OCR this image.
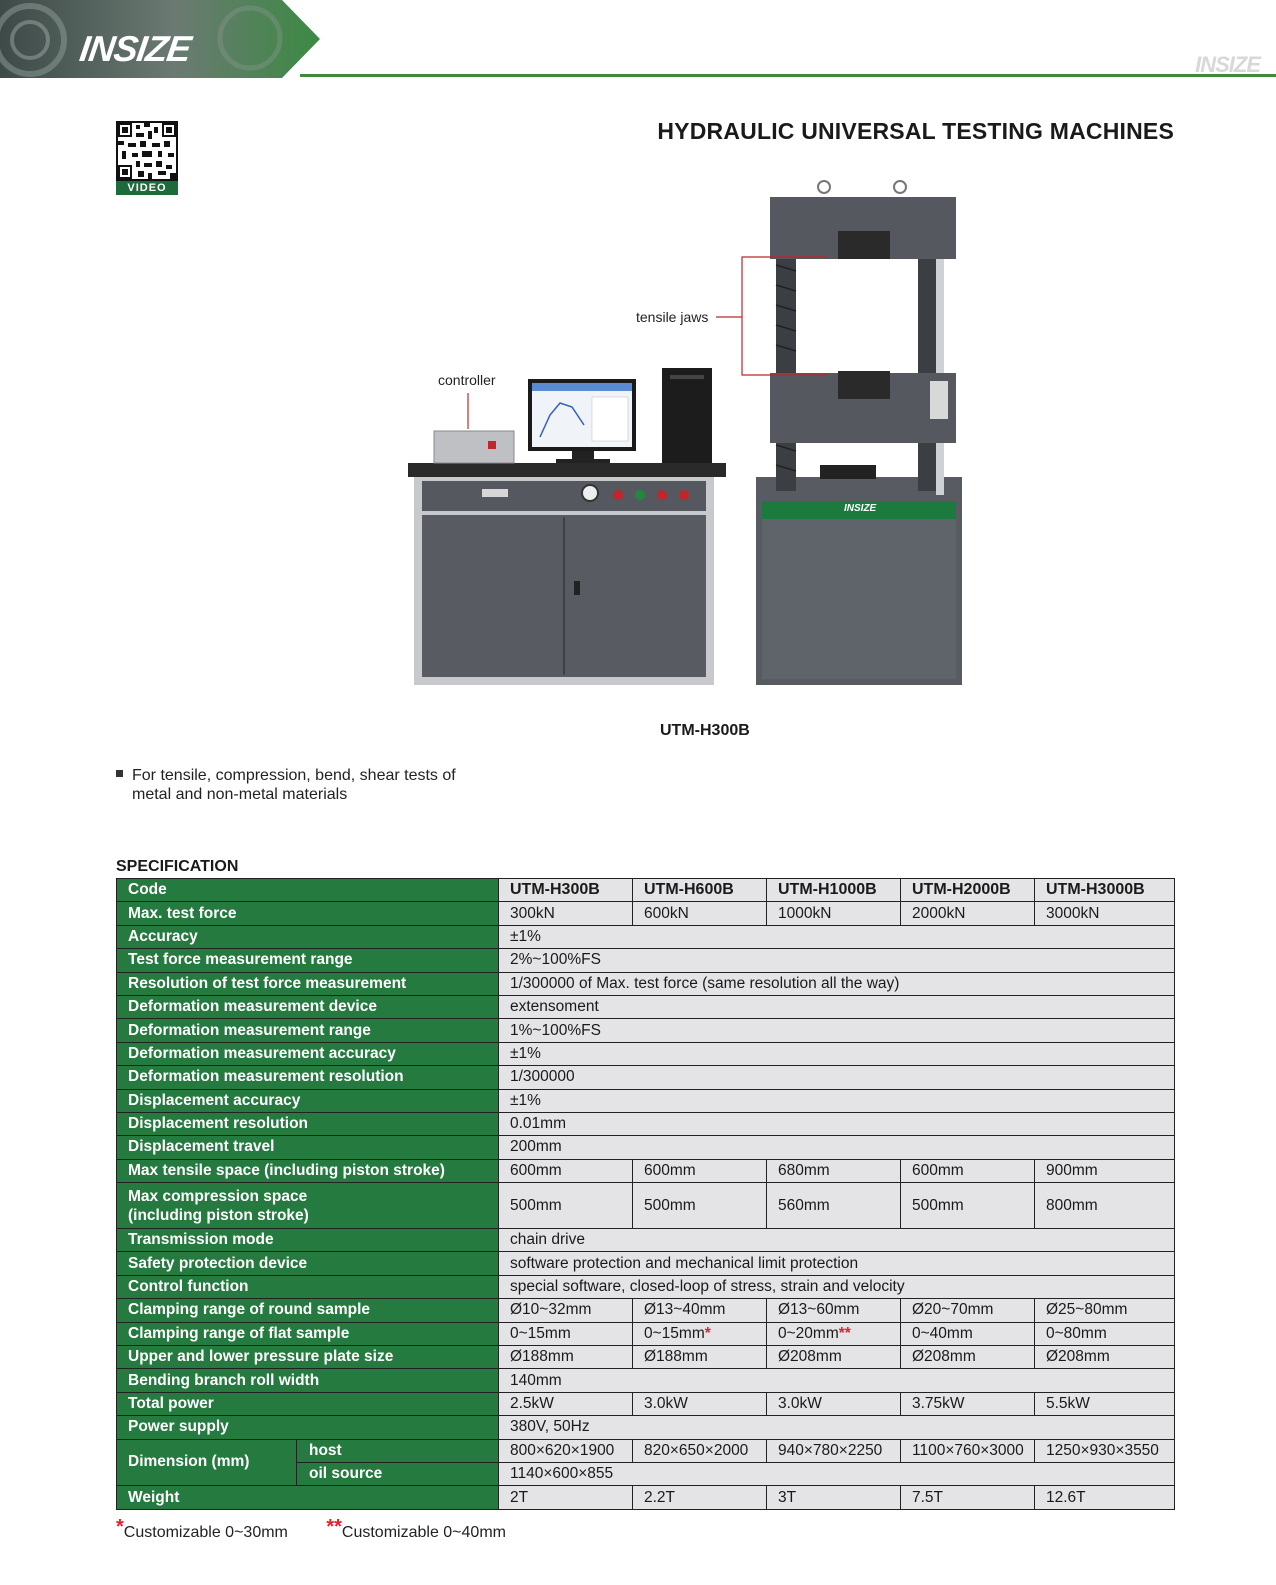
INSIZE	INSIZE
VIDEO
HYDRAULIC UNIVERSAL TESTING MACHINES
tensile jaws
controller
INSIZE
UTM-H300B
For tensile, compression, bend, shear tests of
metal and non-metal materials
SPECIFICATION
Code		UTM-H300B	UTM-H600B	UTM-H1000B	UTM-H2000B	UTM-H3000B
Max. test force		300kN	600kN	1000kN	2000kN	3000kN
Accuracy		±1%				
Test force measurement range		2%~100%FS				
Resolution of test force measurement		1/300000 of Max. test force (same resolution all the way)				
Deformation measurement device		extensoment				
Deformation measurement range		1%~100%FS				
Deformation measurement accuracy		±1%				
Deformation measurement resolution		1/300000				
Displacement accuracy		±1%				
Displacement resolution		0.01mm				
Displacement travel		200mm				
Max tensile space (including piston stroke)		600mm	600mm	680mm	600mm	900mm

Max compression space
(including piston stroke)		500mm	500mm	560mm	500mm	800mm
Transmission mode		chain drive				
Safety protection device		software protection and mechanical limit protection				
Control function		special software, closed-loop of stress, strain and velocity				
Clamping range of round sample		Ø10~32mm	Ø13~40mm	Ø13~60mm	Ø20~70mm	Ø25~80mm
Clamping range of flat sample		0~15mm	0~15mm*	0~20mm**	0~40mm	0~80mm
Upper and lower pressure plate size		Ø188mm	Ø188mm	Ø208mm	Ø208mm	Ø208mm
Bending branch roll width		140mm				
Total power		2.5kW	3.0kW	3.0kW	3.75kW	5.5kW
Power supply		380V, 50Hz				
Dimension (mm)	host	800×620×1900	820×650×2000	940×780×2250	1100×760×3000	1250×930×3550
	oil source	1140×600×855				
Weight		2T	2.2T	3T	7.5T	12.6T
*Customizable 0~30mm **Customizable 0~40mm
